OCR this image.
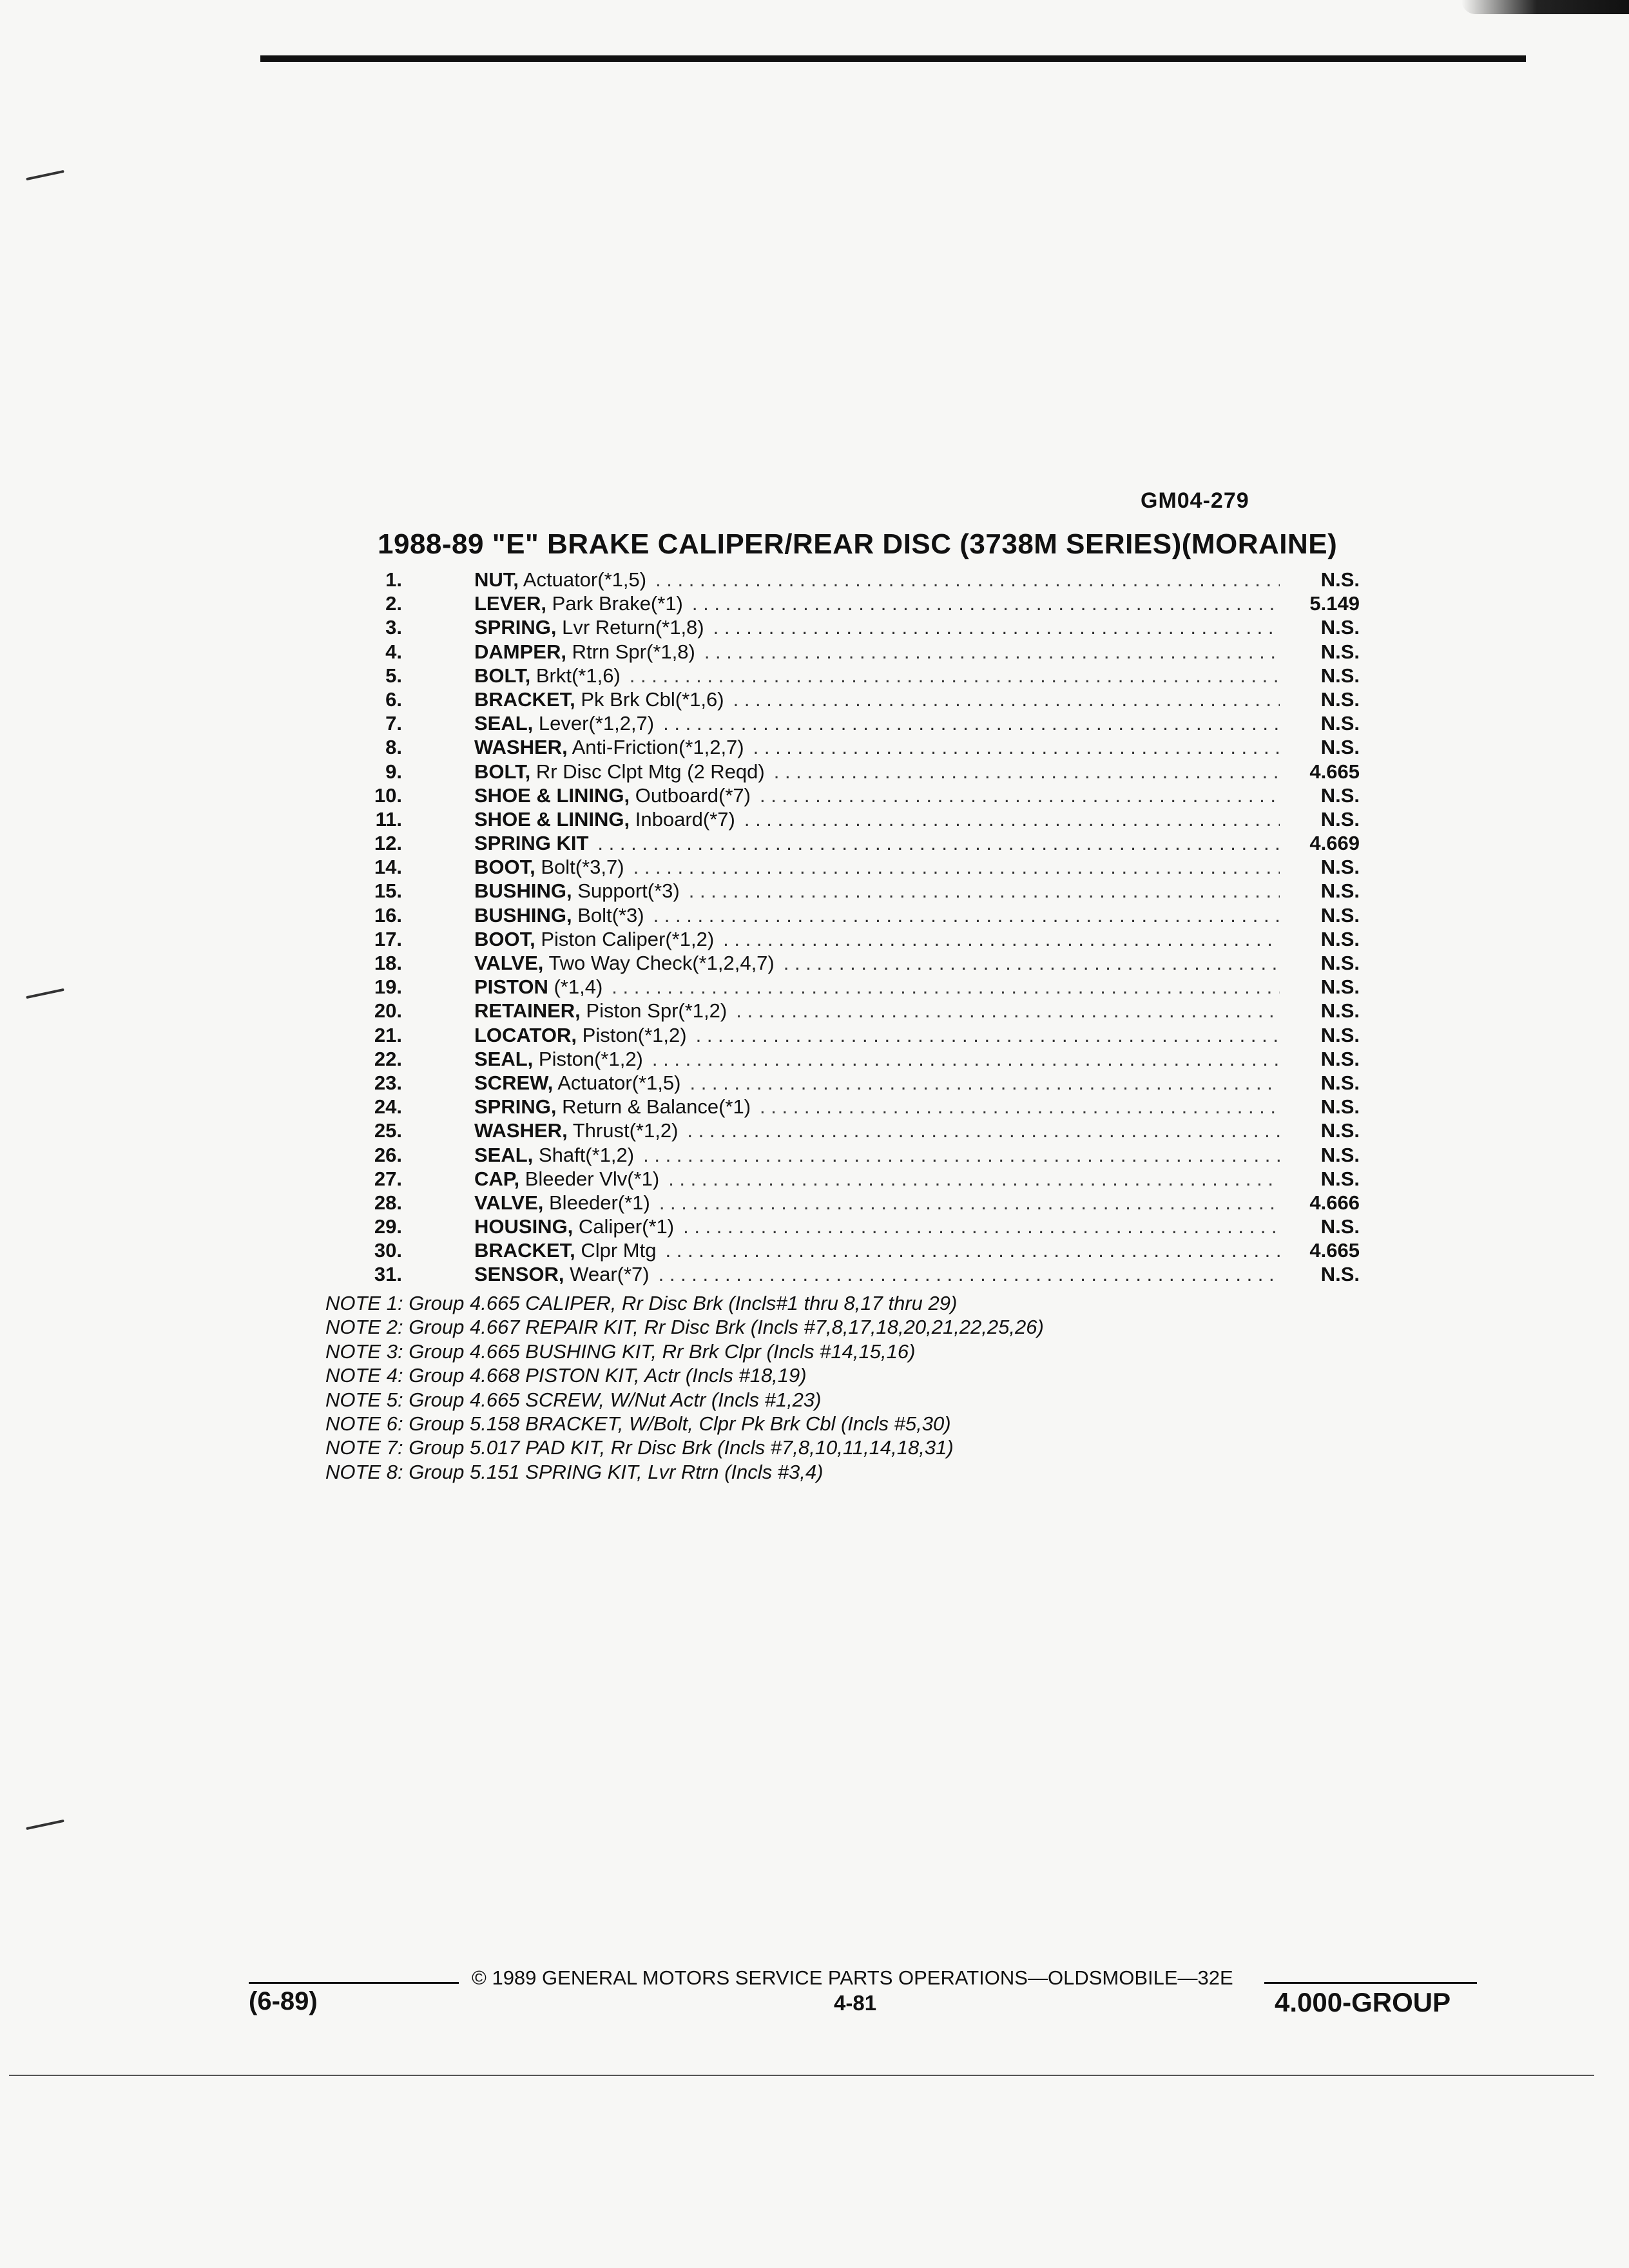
GM04-279
1988-89 "E" BRAKE CALIPER/REAR DISC (3738M SERIES)(MORAINE)
1.	NUT, Actuator(*1,5) . . .	N.S.
2.	LEVER, Park Brake(*1) . . .	5.149
3.	SPRING, Lvr Return(*1,8) . . .	N.S.
4.	DAMPER, Rtrn Spr(*1,8) . . .	N.S.
5.	BOLT, Brkt(*1,6) . . .	N.S.
6.	BRACKET, Pk Brk Cbl(*1,6) . . .	N.S.
7.	SEAL, Lever(*1,2,7) . . .	N.S.
8.	WASHER, Anti-Friction(*1,2,7) . . .	N.S.
9.	BOLT, Rr Disc Clpt Mtg (2 Reqd) . . .	4.665
10.	SHOE & LINING, Outboard(*7) . . .	N.S.
11.	SHOE & LINING, Inboard(*7) . . .	N.S.
12.	SPRING KIT . . .	4.669
14.	BOOT, Bolt(*3,7) . . .	N.S.
15.	BUSHING, Support(*3) . . .	N.S.
16.	BUSHING, Bolt(*3) . . .	N.S.
17.	BOOT, Piston Caliper(*1,2) . . .	N.S.
18.	VALVE, Two Way Check(*1,2,4,7) . . .	N.S.
19.	PISTON (*1,4) . . .	N.S.
20.	RETAINER, Piston Spr(*1,2) . . .	N.S.
21.	LOCATOR, Piston(*1,2) . . .	N.S.
22.	SEAL, Piston(*1,2) . . .	N.S.
23.	SCREW, Actuator(*1,5) . . .	N.S.
24.	SPRING, Return & Balance(*1) . . .	N.S.
25.	WASHER, Thrust(*1,2) . . .	N.S.
26.	SEAL, Shaft(*1,2) . . .	N.S.
27.	CAP, Bleeder Vlv(*1) . . .	N.S.
28.	VALVE, Bleeder(*1) . . .	4.666
29.	HOUSING, Caliper(*1) . . .	N.S.
30.	BRACKET, Clpr Mtg . . .	4.665
31.	SENSOR, Wear(*7) . . .	N.S.
NOTE 1: Group 4.665 CALIPER, Rr Disc Brk (Incls#1 thru 8,17 thru 29)
NOTE 2: Group 4.667 REPAIR KIT, Rr Disc Brk (Incls #7,8,17,18,20,21,22,25,26)
NOTE 3: Group 4.665 BUSHING KIT, Rr Brk Clpr (Incls #14,15,16)
NOTE 4: Group 4.668 PISTON KIT, Actr (Incls #18,19)
NOTE 5: Group 4.665 SCREW, W/Nut Actr (Incls #1,23)
NOTE 6: Group 5.158 BRACKET, W/Bolt, Clpr Pk Brk Cbl (Incls #5,30)
NOTE 7: Group 5.017 PAD KIT, Rr Disc Brk (Incls #7,8,10,11,14,18,31)
NOTE 8: Group 5.151 SPRING KIT, Lvr Rtrn (Incls #3,4)
© 1989 GENERAL MOTORS SERVICE PARTS OPERATIONS—OLDSMOBILE—32E
4-81
(6-89)	4.000-GROUP
